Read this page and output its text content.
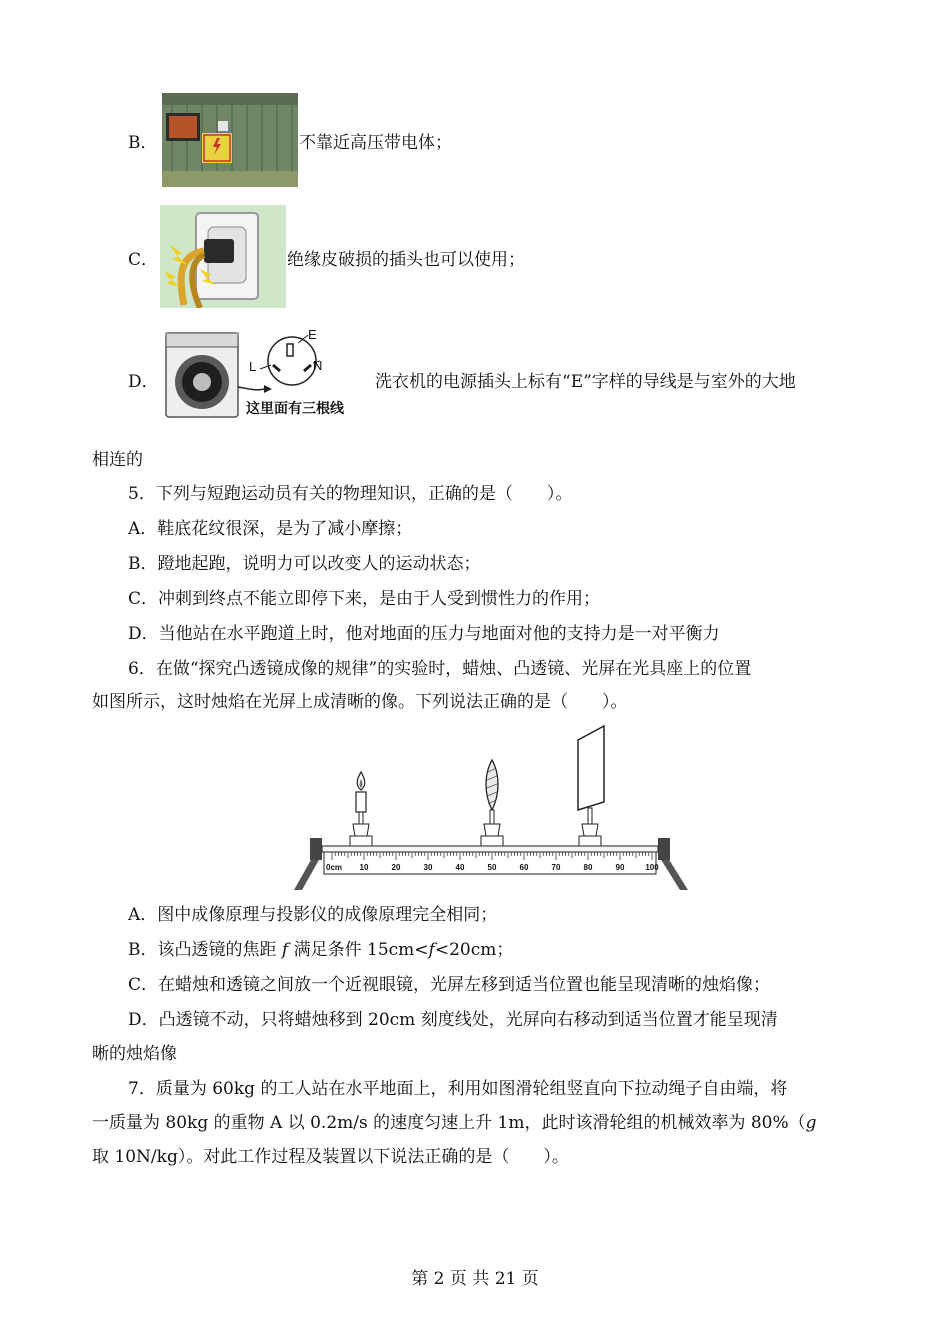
B．	不靠近高压带电体；
C．	绝缘皮破损的插头也可以使用；
D．
E
L	N
这里面有三根线
洗衣机的电源插头上标有“E”字样的导线是与室外的大地
相连的
5．下列与短跑运动员有关的物理知识，正确的是（　　）。
A．鞋底花纹很深，是为了减小摩擦；
B．蹬地起跑，说明力可以改变人的运动状态；
C．冲刺到终点不能立即停下来，是由于人受到惯性力的作用；
D．当他站在水平跑道上时，他对地面的压力与地面对他的支持力是一对平衡力
6．在做“探究凸透镜成像的规律”的实验时，蜡烛、凸透镜、光屏在光具座上的位置
如图所示，这时烛焰在光屏上成清晰的像。下列说法正确的是（　　）。
0cm 10	20	30	40	50	60	70	80	90	100
A．图中成像原理与投影仪的成像原理完全相同；
B．该凸透镜的焦距 f 满足条件 15cm<f<20cm；
C．在蜡烛和透镜之间放一个近视眼镜，光屏左移到适当位置也能呈现清晰的烛焰像；
D．凸透镜不动，只将蜡烛移到 20cm 刻度线处，光屏向右移动到适当位置才能呈现清
晰的烛焰像
7．质量为 60kg 的工人站在水平地面上，利用如图滑轮组竖直向下拉动绳子自由端，将
一质量为 80kg 的重物 A 以 0.2m/s 的速度匀速上升 1m，此时该滑轮组的机械效率为 80%（g
取 10N/kg）。对此工作过程及装置以下说法正确的是（　　）。
第 2 页 共 21 页
